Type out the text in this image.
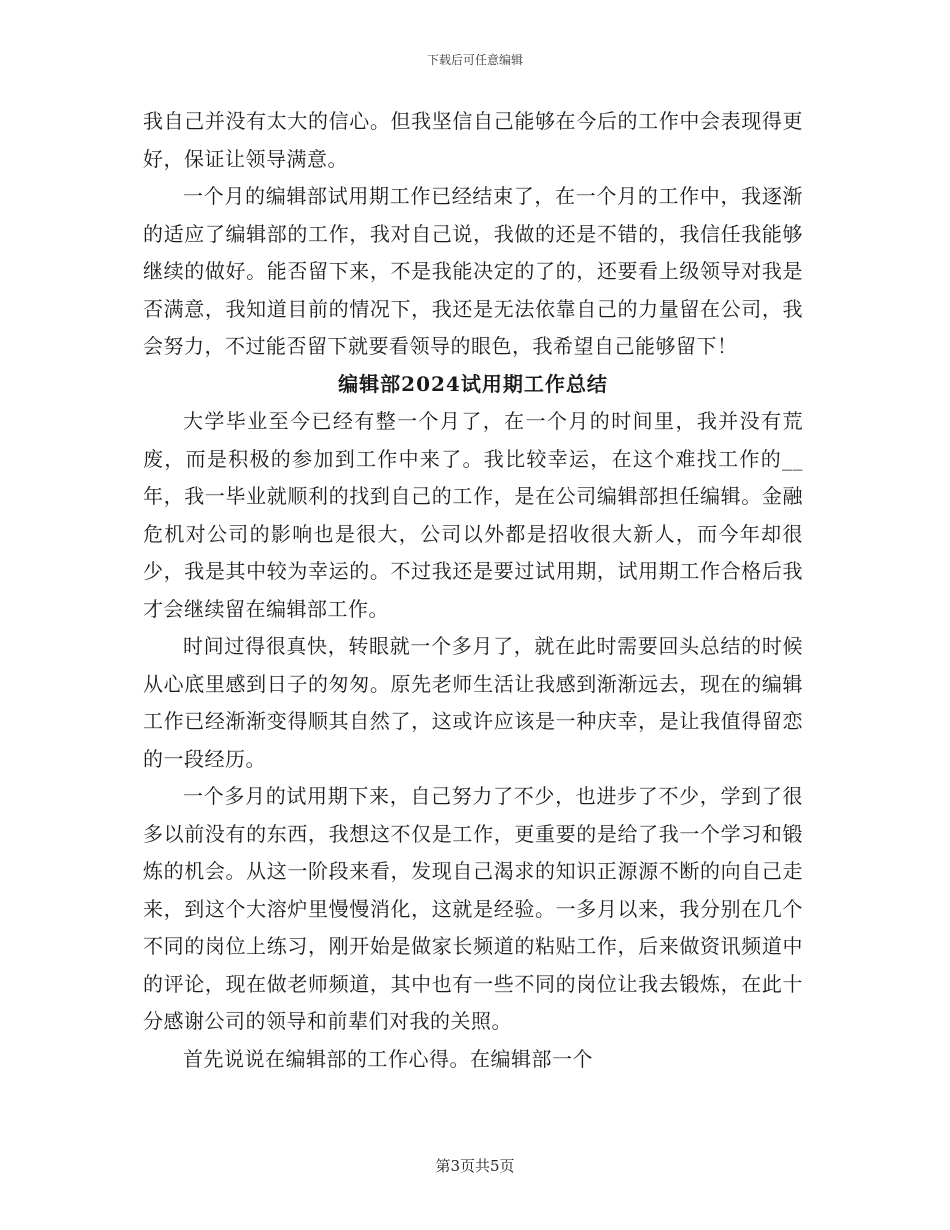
下载后可任意编辑

我自己并没有太大的信心。但我坚信自己能够在今后的工作中会表现得更好，保证让领导满意。

一个月的编辑部试用期工作已经结束了，在一个月的工作中，我逐渐的适应了编辑部的工作，我对自己说，我做的还是不错的，我信任我能够继续的做好。能否留下来，不是我能决定的了的，还要看上级领导对我是否满意，我知道目前的情况下，我还是无法依靠自己的力量留在公司，我会努力，不过能否留下就要看领导的眼色，我希望自己能够留下！

编辑部2024试用期工作总结

大学毕业至今已经有整一个月了，在一个月的时间里，我并没有荒废，而是积极的参加到工作中来了。我比较幸运，在这个难找工作的__年，我一毕业就顺利的找到自己的工作，是在公司编辑部担任编辑。金融危机对公司的影响也是很大，公司以外都是招收很大新人，而今年却很少，我是其中较为幸运的。不过我还是要过试用期，试用期工作合格后我才会继续留在编辑部工作。

时间过得很真快，转眼就一个多月了，就在此时需要回头总结的时候从心底里感到日子的匆匆。原先老师生活让我感到渐渐远去，现在的编辑工作已经渐渐变得顺其自然了，这或许应该是一种庆幸，是让我值得留恋的一段经历。

一个多月的试用期下来，自己努力了不少，也进步了不少，学到了很多以前没有的东西，我想这不仅是工作，更重要的是给了我一个学习和锻炼的机会。从这一阶段来看，发现自己渴求的知识正源源不断的向自己走来，到这个大溶炉里慢慢消化，这就是经验。一多月以来，我分别在几个不同的岗位上练习，刚开始是做家长频道的粘贴工作，后来做资讯频道中的评论，现在做老师频道，其中也有一些不同的岗位让我去锻炼，在此十分感谢公司的领导和前辈们对我的关照。

首先说说在编辑部的工作心得。在编辑部一个

第3页共5页
